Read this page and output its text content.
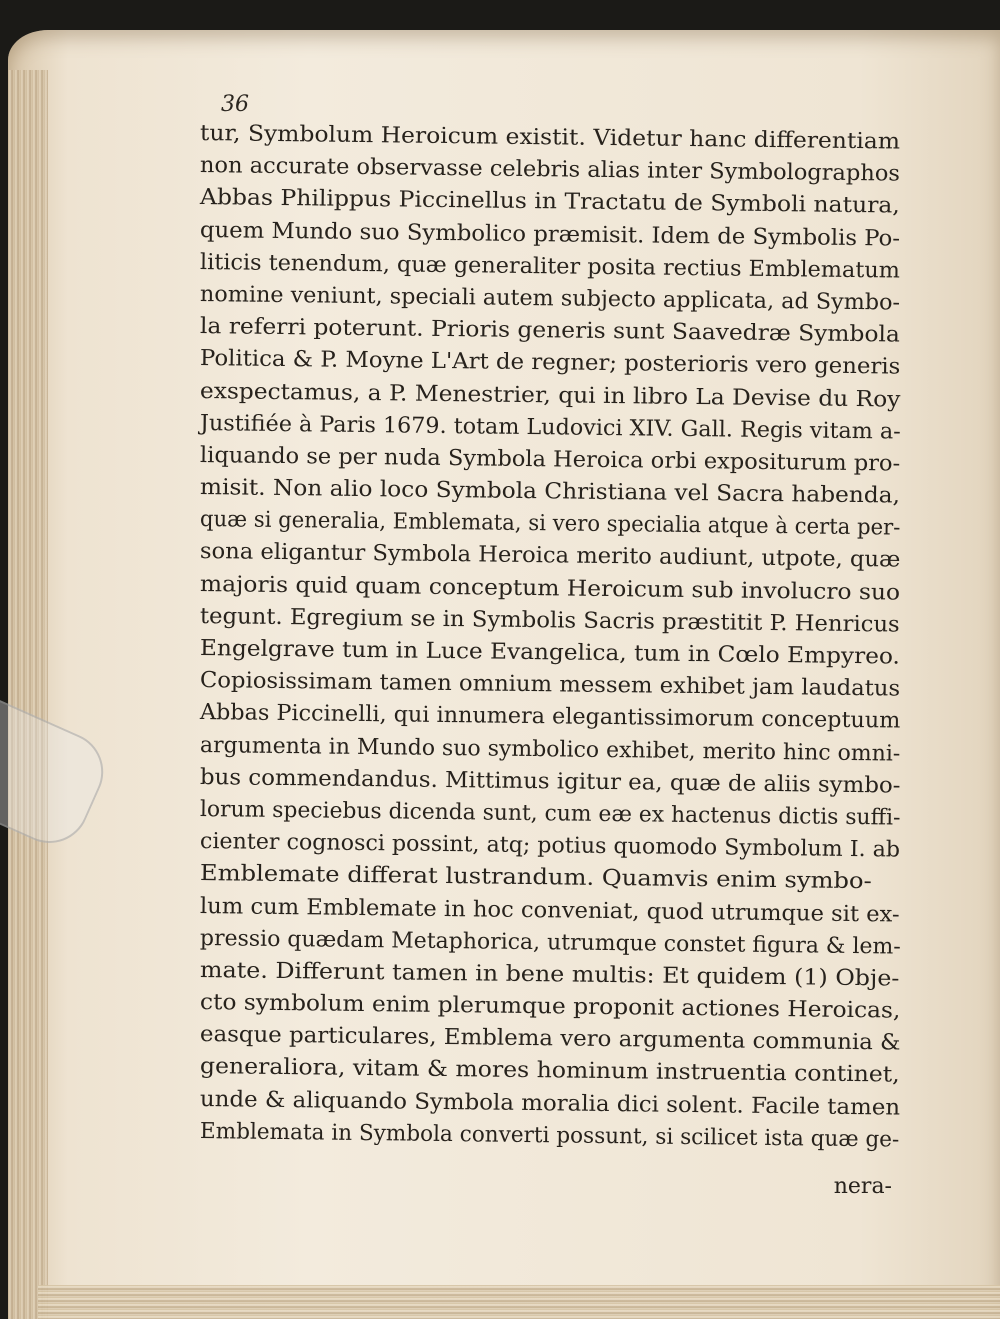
36

tur, Symbolum Heroicum existit. Videtur hanc differentiam
non accurate observasse celebris alias inter Symbolographos
Abbas Philippus Piccinellus in Tractatu de Symboli natura,
quem Mundo suo Symbolico præmisit. Idem de Symbolis Po-
liticis tenendum, quæ generaliter posita rectius Emblematum
nomine veniunt, speciali autem subjecto applicata, ad Symbo-
la referri poterunt. Prioris generis sunt Saavedræ Symbola
Politica & P. Moyne L'Art de regner; posterioris vero generis
exspectamus, a P. Menestrier, qui in libro La Devise du Roy
Justifiée à Paris 1679. totam Ludovici XIV. Gall. Regis vitam a-
liquando se per nuda Symbola Heroica orbi expositurum pro-
misit. Non alio loco Symbola Christiana vel Sacra habenda,
quæ si generalia, Emblemata, si vero specialia atque à certa per-
sona eligantur Symbola Heroica merito audiunt, utpote, quæ
majoris quid quam conceptum Heroicum sub involucro suo
tegunt. Egregium se in Symbolis Sacris præstitit P. Henricus
Engelgrave tum in Luce Evangelica, tum in Cœlo Empyreo.
Copiosissimam tamen omnium messem exhibet jam laudatus
Abbas Piccinelli, qui innumera elegantissimorum conceptuum
argumenta in Mundo suo symbolico exhibet, merito hinc omni-
bus commendandus. Mittimus igitur ea, quæ de aliis symbo-
lorum speciebus dicenda sunt, cum eæ ex hactenus dictis suffi-
cienter cognosci possint, atq; potius quomodo Symbolum I. ab
Emblemate differat lustrandum. Quamvis enim symbo-
lum cum Emblemate in hoc conveniat, quod utrumque sit ex-
pressio quædam Metaphorica, utrumque constet figura & lem-
mate. Differunt tamen in bene multis: Et quidem (1) Obje-
cto symbolum enim plerumque proponit actiones Heroicas,
easque particulares, Emblema vero argumenta communia &
generaliora, vitam & mores hominum instruentia continet,
unde & aliquando Symbola moralia dici solent. Facile tamen
Emblemata in Symbola converti possunt, si scilicet ista quæ ge-

nera-
